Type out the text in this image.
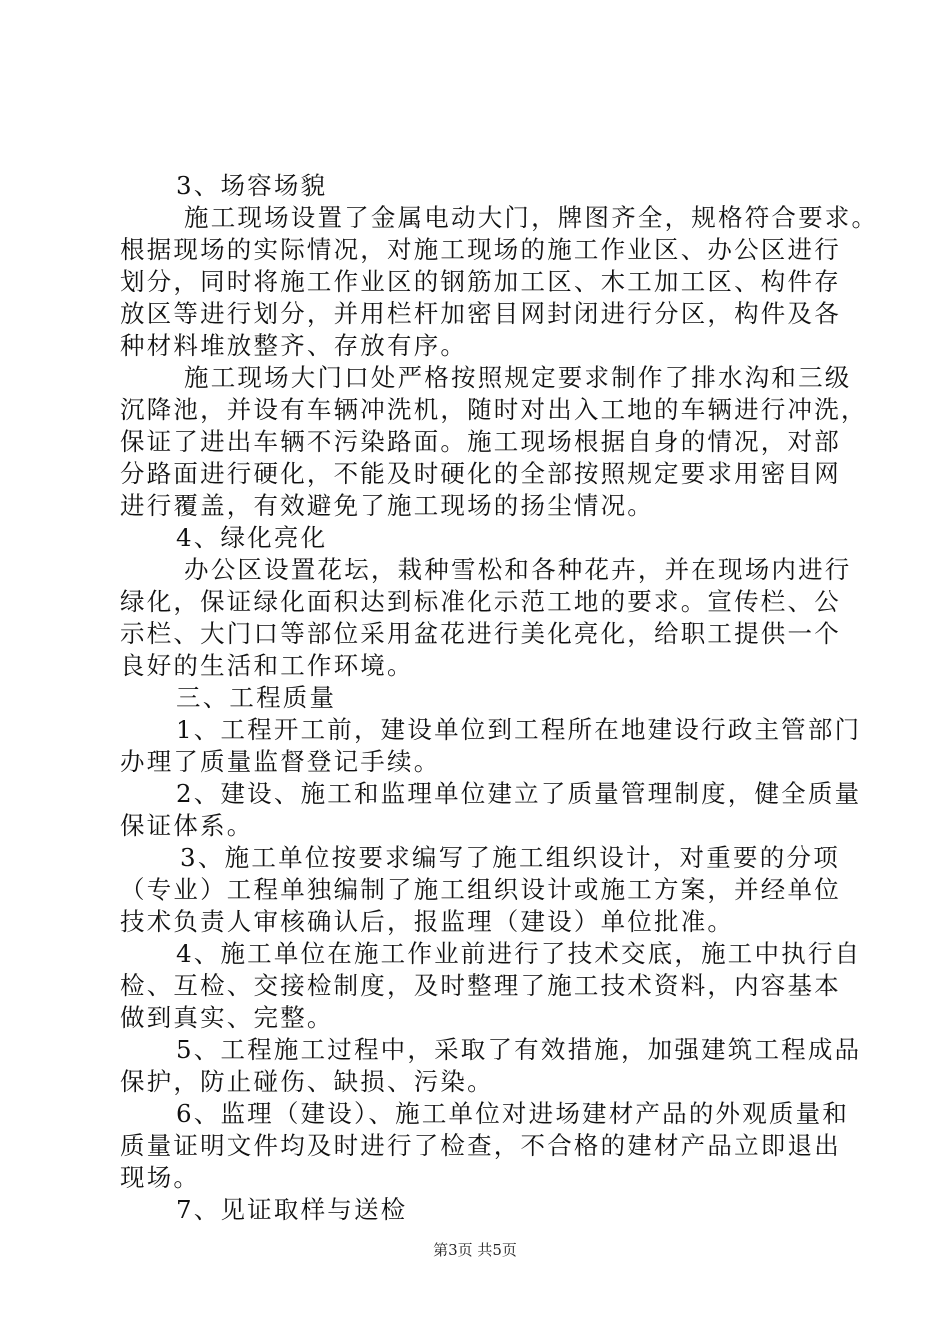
3、场容场貌
施工现场设置了金属电动大门，牌图齐全，规格符合要求。
根据现场的实际情况，对施工现场的施工作业区、办公区进行
划分，同时将施工作业区的钢筋加工区、木工加工区、构件存
放区等进行划分，并用栏杆加密目网封闭进行分区，构件及各
种材料堆放整齐、存放有序。
施工现场大门口处严格按照规定要求制作了排水沟和三级
沉降池，并设有车辆冲洗机，随时对出入工地的车辆进行冲洗，
保证了进出车辆不污染路面。施工现场根据自身的情况，对部
分路面进行硬化，不能及时硬化的全部按照规定要求用密目网
进行覆盖，有效避免了施工现场的扬尘情况。
4、绿化亮化
办公区设置花坛，栽种雪松和各种花卉，并在现场内进行
绿化，保证绿化面积达到标准化示范工地的要求。宣传栏、公
示栏、大门口等部位采用盆花进行美化亮化，给职工提供一个
良好的生活和工作环境。
三、工程质量
1、工程开工前，建设单位到工程所在地建设行政主管部门
办理了质量监督登记手续。
2、建设、施工和监理单位建立了质量管理制度，健全质量
保证体系。
3、施工单位按要求编写了施工组织设计，对重要的分项
（专业）工程单独编制了施工组织设计或施工方案，并经单位
技术负责人审核确认后，报监理（建设）单位批准。
4、施工单位在施工作业前进行了技术交底，施工中执行自
检、互检、交接检制度，及时整理了施工技术资料，内容基本
做到真实、完整。
5、工程施工过程中，采取了有效措施，加强建筑工程成品
保护，防止碰伤、缺损、污染。
6、监理（建设）、施工单位对进场建材产品的外观质量和
质量证明文件均及时进行了检查，不合格的建材产品立即退出
现场。
7、见证取样与送检
第3页 共5页
